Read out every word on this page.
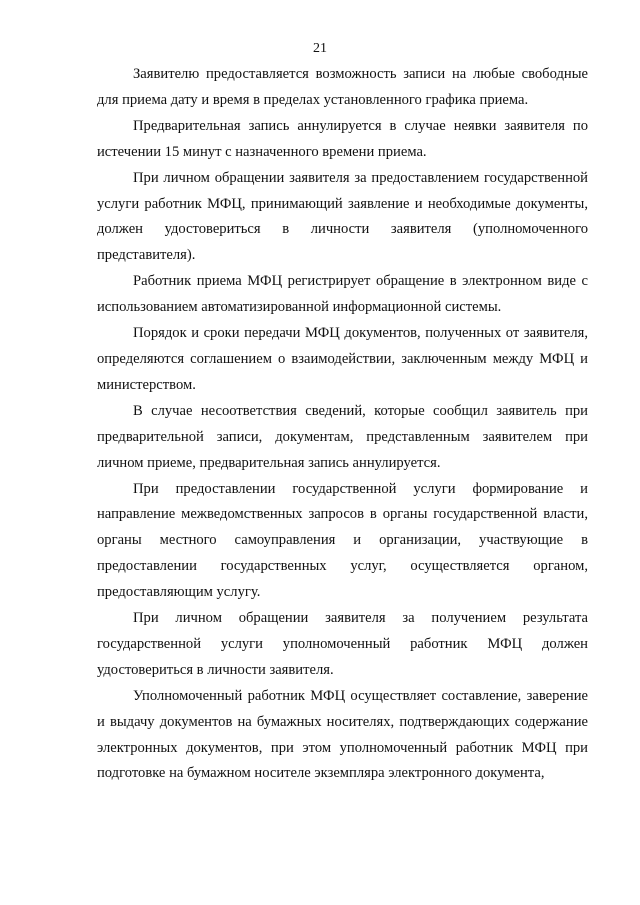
21

Заявителю предоставляется возможность записи на любые свободные для приема дату и время в пределах установленного графика приема.

Предварительная запись аннулируется в случае неявки заявителя по истечении 15 минут с назначенного времени приема.

При личном обращении заявителя за предоставлением государственной услуги работник МФЦ, принимающий заявление и необходимые документы, должен удостовериться в личности заявителя (уполномоченного представителя).

Работник приема МФЦ регистрирует обращение в электронном виде с использованием автоматизированной информационной системы.

Порядок и сроки передачи МФЦ документов, полученных от заявителя, определяются соглашением о взаимодействии, заключенным между МФЦ и министерством.

В случае несоответствия сведений, которые сообщил заявитель при предварительной записи, документам, представленным заявителем при личном приеме, предварительная запись аннулируется.

При предоставлении государственной услуги формирование и направление межведомственных запросов в органы государственной власти, органы местного самоуправления и организации, участвующие в предоставлении государственных услуг, осуществляется органом, предоставляющим услугу.

При личном обращении заявителя за получением результата государственной услуги уполномоченный работник МФЦ должен удостовериться в личности заявителя.

Уполномоченный работник МФЦ осуществляет составление, заверение и выдачу документов на бумажных носителях, подтверждающих содержание электронных документов, при этом уполномоченный работник МФЦ при подготовке на бумажном носителе экземпляра электронного документа,
